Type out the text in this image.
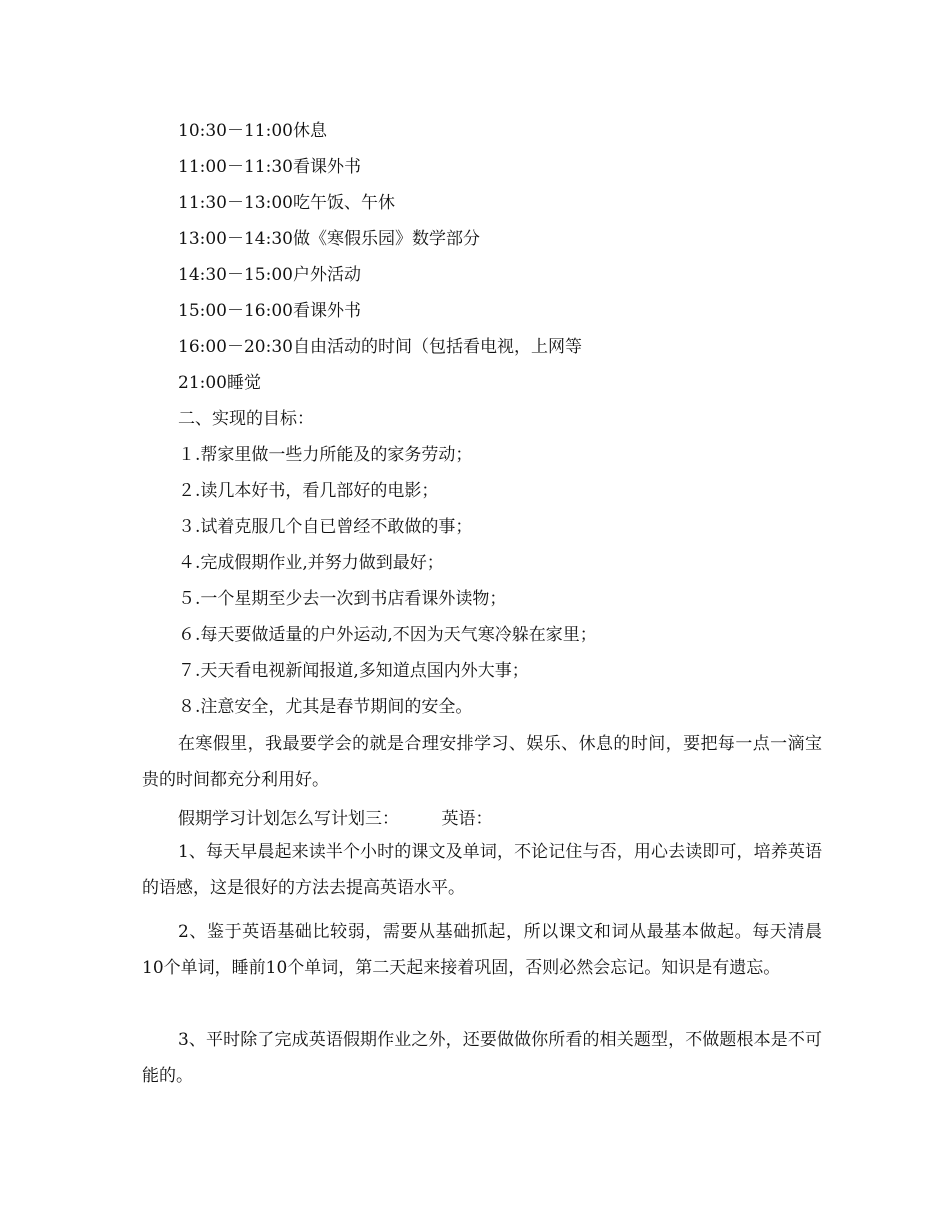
10:30－11:00休息
11:00－11:30看课外书
11:30－13:00吃午饭、午休
13:00－14:30做《寒假乐园》数学部分
14:30－15:00户外活动
15:00－16:00看课外书
16:00－20:30自由活动的时间（包括看电视，上网等
21:00睡觉
二、实现的目标：
１.帮家里做一些力所能及的家务劳动；
２.读几本好书，看几部好的电影；
３.试着克服几个自已曾经不敢做的事；
４.完成假期作业,并努力做到最好；
５.一个星期至少去一次到书店看课外读物；
６.每天要做适量的户外运动,不因为天气寒冷躲在家里；
７.天天看电视新闻报道,多知道点国内外大事；
８.注意安全，尤其是春节期间的安全。

在寒假里，我最要学会的就是合理安排学习、娱乐、休息的时间，要把每一点一滴宝贵的时间都充分利用好。

假期学习计划怎么写计划三：　　　英语：

1、每天早晨起来读半个小时的课文及单词，不论记住与否，用心去读即可，培养英语的语感，这是很好的方法去提高英语水平。

2、鉴于英语基础比较弱，需要从基础抓起，所以课文和词从最基本做起。每天清晨10个单词，睡前10个单词，第二天起来接着巩固，否则必然会忘记。知识是有遗忘。

3、平时除了完成英语假期作业之外，还要做做你所看的相关题型，不做题根本是不可能的。
